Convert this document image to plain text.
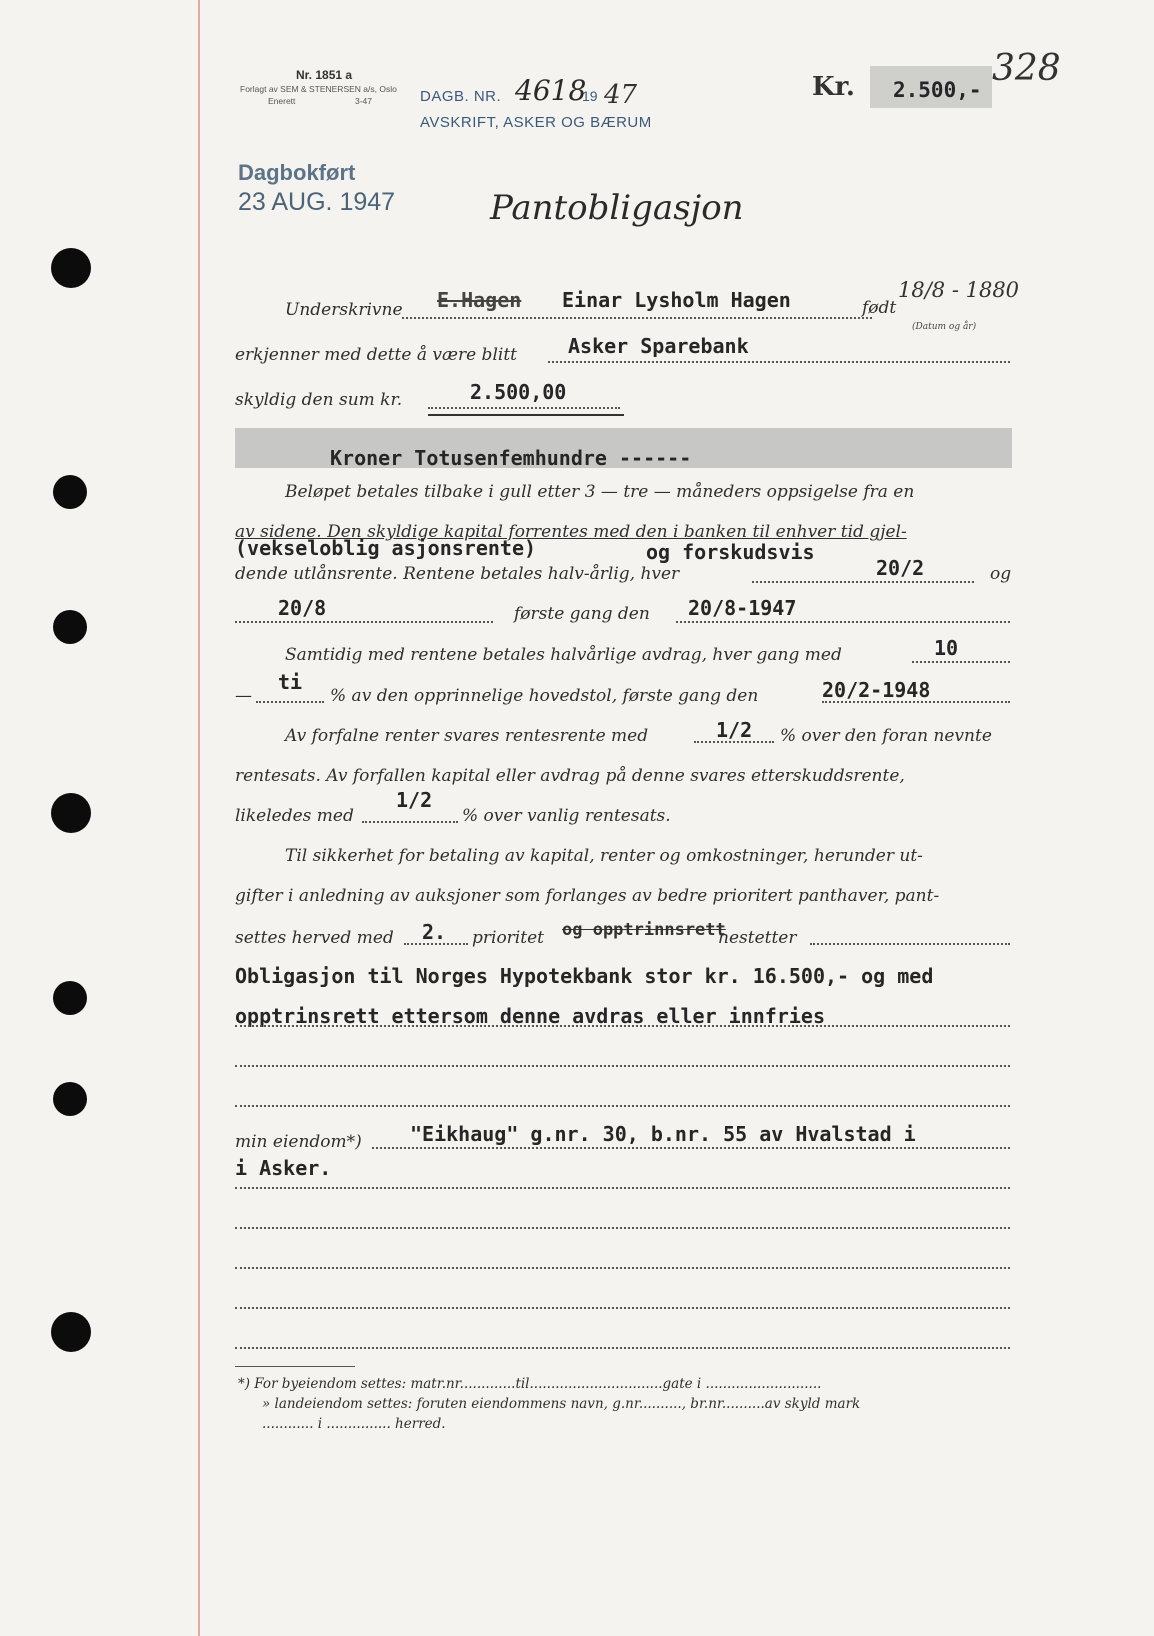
Nr. 1851 a
Forlagt av SEM & STENERSEN a/s, Oslo
Enerett	3-47	DAGB. NR. 4618
19 47
AVSKRIFT, ASKER OG BÆRUM
Kr. 2.500,-
328
Dagbokført
23 AUG. 1947	Pantobligasjon
Underskrivne E.Hagen Einar Lysholm Hagen	født
18/8 - 1880
(Datum og år)
erkjenner med dette å være blitt	Asker Sparebank
skyldig den sum kr.	2.500,00
Kroner Totusenfemhundre ------
Beløpet betales tilbake i gull etter 3 — tre — måneders oppsigelse fra en
av sidene. Den skyldige kapital forrentes med den i banken til enhver tid gjel-
(vekseloblig asjonsrente)	og forskudsvis
dende utlånsrente. Rentene betales halv-årlig, hver	20/2	og
20/8	første gang den 20/8-1947
Samtidig med rentene betales halvårlige avdrag, hver gang med	10
—
ti
% av den opprinnelige hovedstol, første gang den	20/2-1948
Av forfalne renter svares rentesrente med	1/2 % over den foran nevnte
rentesats. Av forfallen kapital eller avdrag på denne svares etterskuddsrente,
likeledes med
1/2
% over vanlig rentesats.
Til sikkerhet for betaling av kapital, renter og omkostninger, herunder ut-
gifter i anledning av auksjoner som forlanges av bedre prioritert panthaver, pant-
settes herved med 2. prioritet og opptrinnsrett
nestetter
Obligasjon til Norges Hypotekbank stor kr. 16.500,- og med
opptrinsrett ettersom denne avdras eller innfries
min eiendom*) "Eikhaug" g.nr. 30, b.nr. 55 av Hvalstad i
i Asker.
*) For byeiendom settes: matr.nr.............til...............................gate i ...........................
» landeiendom settes: foruten eiendommens navn, g.nr.........., br.nr..........av skyld mark
............ i ............... herred.
